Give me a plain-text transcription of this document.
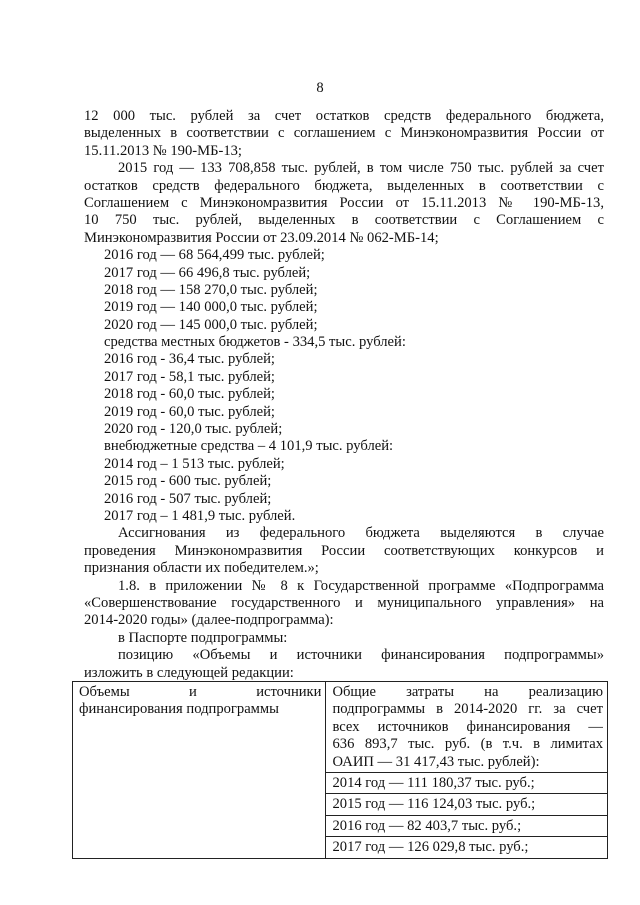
8
12 000 тыс. рублей за счет остатков средств федерального бюджета,
выделенных в соответствии с соглашением с Минэкономразвития России от
15.11.2013 № 190-МБ-13;
2015 год — 133 708,858 тыс. рублей, в том числе 750 тыс. рублей за счет
остатков средств федерального бюджета, выделенных в соответствии с
Соглашением с Минэкономразвития России от 15.11.2013 № 190-МБ-13,
10 750 тыс. рублей, выделенных в соответствии с Соглашением с
Минэкономразвития России от 23.09.2014 № 062-МБ-14;
2016 год — 68 564,499 тыс. рублей;
2017 год — 66 496,8 тыс. рублей;
2018 год — 158 270,0 тыс. рублей;
2019 год — 140 000,0 тыс. рублей;
2020 год — 145 000,0 тыс. рублей;
средства местных бюджетов - 334,5 тыс. рублей:
2016 год - 36,4 тыс. рублей;
2017 год - 58,1 тыс. рублей;
2018 год - 60,0 тыс. рублей;
2019 год - 60,0 тыс. рублей;
2020 год - 120,0 тыс. рублей;
внебюджетные средства – 4 101,9 тыс. рублей:
2014 год – 1 513 тыс. рублей;
2015 год - 600 тыс. рублей;
2016 год - 507 тыс. рублей;
2017 год – 1 481,9 тыс. рублей.
Ассигнования из федерального бюджета выделяются в случае
проведения Минэкономразвития России соответствующих конкурсов и
признания области их победителем.»;
1.8. в приложении № 8 к Государственной программе «Подпрограмма
«Совершенствование государственного и муниципального управления» на
2014-2020 годы» (далее-подпрограмма):
в Паспорте подпрограммы:
позицию «Объемы и источники финансирования подпрограммы»
изложить в следующей редакции:
Объемы и источники
финансирования подпрограммы

Общие затраты на реализацию
подпрограммы в 2014-2020 гг. за счет
всех источников финансирования —
636 893,7 тыс. руб. (в т.ч. в лимитах
ОАИП — 31 417,43 тыс. рублей):
2014 год — 111 180,37 тыс. руб.;
2015 год — 116 124,03 тыс. руб.;
2016 год — 82 403,7 тыс. руб.;
2017 год — 126 029,8 тыс. руб.;
